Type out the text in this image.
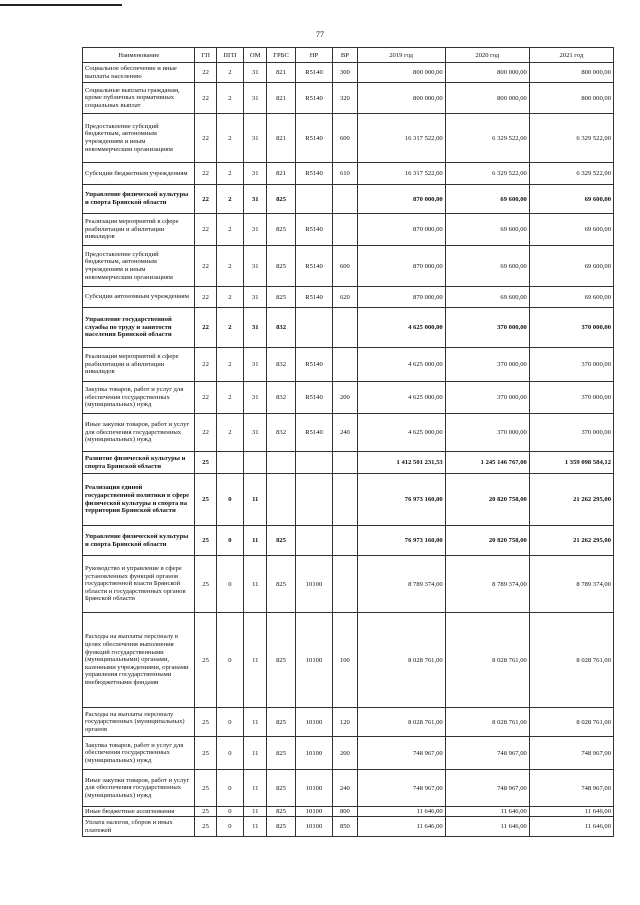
77
Наименование	ГП	ПГП	ОМ	ГРБС	НР	ВР	2019 год	2020 год	2021 год
Социальное обеспечение и иные выплаты населению	22	2	31	821	R5140	300	800 000,00	800 000,00	800 000,00
Социальные выплаты гражданам, кроме публичных нормативных социальных выплат	22	2	31	821	R5140	320	800 000,00	800 000,00	800 000,00
Предоставление субсидий бюджетным, автономным учреждениям и иным некоммерческим организациям	22	2	31	821	R5140	600	16 317 522,00	6 329 522,00	6 329 522,00
Субсидии бюджетным учреждениям	22	2	31	821	R5140	610	16 317 522,00	6 329 522,00	6 329 522,00
Управление физической культуры и спорта Брянской области	22	2	31	825			870 000,00	69 600,00	69 600,00
Реализация мероприятий в сфере реабилитации и абилитации инвалидов	22	2	31	825	R5140		870 000,00	69 600,00	69 600,00
Предоставление субсидий бюджетным, автономным учреждениям и иным некоммерческим организациям	22	2	31	825	R5140	600	870 000,00	69 600,00	69 600,00
Субсидии автономным учреждениям	22	2	31	825	R5140	620	870 000,00	69 600,00	69 600,00
Управление государственной службы по труду и занятости населения Брянской области	22	2	31	832			4 625 000,00	370 000,00	370 000,00
Реализация мероприятий в сфере реабилитации и абилитации инвалидов	22	2	31	832	R5140		4 625 000,00	370 000,00	370 000,00
Закупка товаров, работ и услуг для обеспечения государственных (муниципальных) нужд	22	2	31	832	R5140	200	4 625 000,00	370 000,00	370 000,00
Иные закупки товаров, работ и услуг для обеспечения государственных (муниципальных) нужд	22	2	31	832	R5140	240	4 625 000,00	370 000,00	370 000,00
Развитие физической культуры и спорта Брянской области	25						1 412 501 231,53	1 245 146 767,00	1 359 098 584,12
Реализация единой государственной политики в сфере физической культуры и спорта на территории Брянской области	25	0	11				76 973 160,00	20 820 758,00	21 262 295,00
Управление физической культуры и спорта Брянской области	25	0	11	825			76 973 160,00	20 820 758,00	21 262 295,00
Руководство и управление в сфере установленных функций органов государственной власти Брянской области и государственных органов Брянской области	25	0	11	825	10100		8 789 374,00	8 789 374,00	8 789 374,00
Расходы на выплаты персоналу в целях обеспечения выполнения функций государственными (муниципальными) органами, казенными учреждениями, органами управления государственными внебюджетными фондами	25	0	11	825	10100	100	8 028 761,00	8 028 761,00	8 028 761,00
Расходы на выплаты персоналу государственных (муниципальных) органов	25	0	11	825	10100	120	8 028 761,00	8 028 761,00	8 028 761,00
Закупка товаров, работ и услуг для обеспечения государственных (муниципальных) нужд	25	0	11	825	10100	200	748 967,00	748 967,00	748 967,00
Иные закупки товаров, работ и услуг для обеспечения государственных (муниципальных) нужд	25	0	11	825	10100	240	748 967,00	748 967,00	748 967,00
Иные бюджетные ассигнования	25	0	11	825	10100	800	11 646,00	11 646,00	11 646,00
Уплата налогов, сборов и иных платежей	25	0	11	825	10100	850	11 646,00	11 646,00	11 646,00
